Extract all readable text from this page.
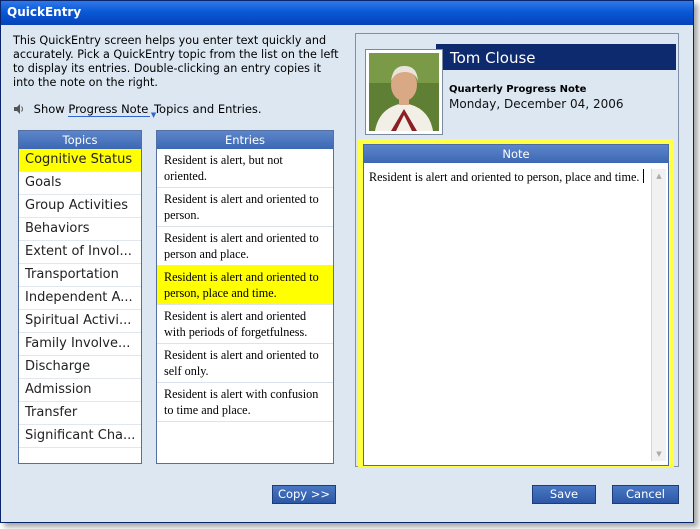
QuickEntry
This QuickEntry screen helps you enter text quickly and accurately. Pick a QuickEntry topic from the list on the left to display its entries. Double-clicking an entry copies it into the note on the right.
Show Progress Note ▼
Topics and Entries.
Topics
Cognitive Status
Goals
Group Activities
Behaviors
Extent of Invol...
Transportation
Independent A...
Spiritual Activi...
Family Involve...
Discharge
Admission
Transfer
Significant Cha...
Entries
Resident is alert, but not oriented.
Resident is alert and oriented to person.
Resident is alert and oriented to person and place.
Resident is alert and oriented to person, place and time.
Resident is alert and oriented with periods of forgetfulness.
Resident is alert and oriented to self only.
Resident is alert with confusion to time and place.
Tom Clouse
Quarterly Progress Note
Monday, December 04, 2006
Note
Resident is alert and oriented to person, place and time.	▲
▼
Copy >>	Save	Cancel
